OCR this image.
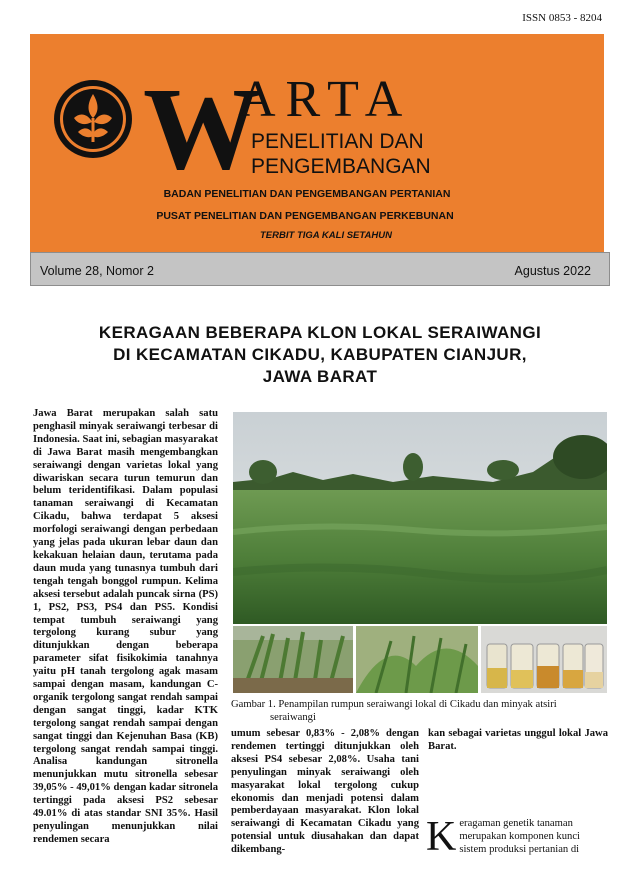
ISSN 0853 - 8204
W
ARTA
PENELITIAN DAN
PENGEMBANGAN
BADAN PENELITIAN DAN PENGEMBANGAN PERTANIAN
PUSAT PENELITIAN DAN PENGEMBANGAN PERKEBUNAN
TERBIT TIGA KALI SETAHUN
Volume 28, Nomor 2	Agustus 2022
KERAGAAN BEBERAPA KLON LOKAL SERAIWANGI
DI KECAMATAN CIKADU, KABUPATEN CIANJUR,
JAWA BARAT
Jawa Barat merupakan salah satu penghasil minyak seraiwangi terbesar di Indonesia. Saat ini, sebagian masyarakat di Jawa Barat masih mengembangkan seraiwangi dengan varietas lokal yang diwariskan secara turun temurun dan belum teridentifikasi. Dalam populasi tanaman seraiwangi di Kecamatan Cikadu, bahwa terdapat 5 aksesi morfologi seraiwangi dengan perbedaan yang jelas pada ukuran lebar daun dan kekakuan helaian daun, terutama pada daun muda yang tunasnya tumbuh dari tengah tengah bonggol rumpun. Kelima aksesi tersebut adalah puncak sirna (PS) 1, PS2, PS3, PS4 dan PS5. Kondisi tempat tumbuh seraiwangi yang tergolong kurang subur yang ditunjukkan dengan beberapa parameter sifat fisikokimia tanahnya yaitu pH tanah tergolong agak masam sampai dengan masam, kandungan C-organik tergolong sangat rendah sampai dengan sangat tinggi, kadar KTK tergolong sangat rendah sampai dengan sangat tinggi dan Kejenuhan Basa (KB) tergolong sangat rendah sampai tinggi. Analisa kandungan sitronella menunjukkan mutu sitronella sebesar 39,05% - 49,01% dengan kadar sitronela tertinggi pada aksesi PS2 sebesar 49.01% di atas standar SNI 35%. Hasil penyulingan menunjukkan nilai rendemen secara
Gambar 1. Penampilan rumpun seraiwangi lokal di Cikadu dan minyak atsiri
seraiwangi
umum sebesar 0,83% - 2,08% dengan rendemen tertinggi ditunjukkan oleh aksesi PS4 sebesar 2,08%. Usaha tani penyulingan minyak seraiwangi oleh masyarakat lokal tergolong cukup ekonomis dan menjadi potensi dalam pemberdayaan masyarakat. Klon lokal seraiwangi di Kecamatan Cikadu yang potensial untuk diusahakan dan dapat dikembang-
kan sebagai varietas unggul lokal Jawa Barat.
K eragaman genetik tanaman merupakan komponen kunci sistem produksi pertanian di
